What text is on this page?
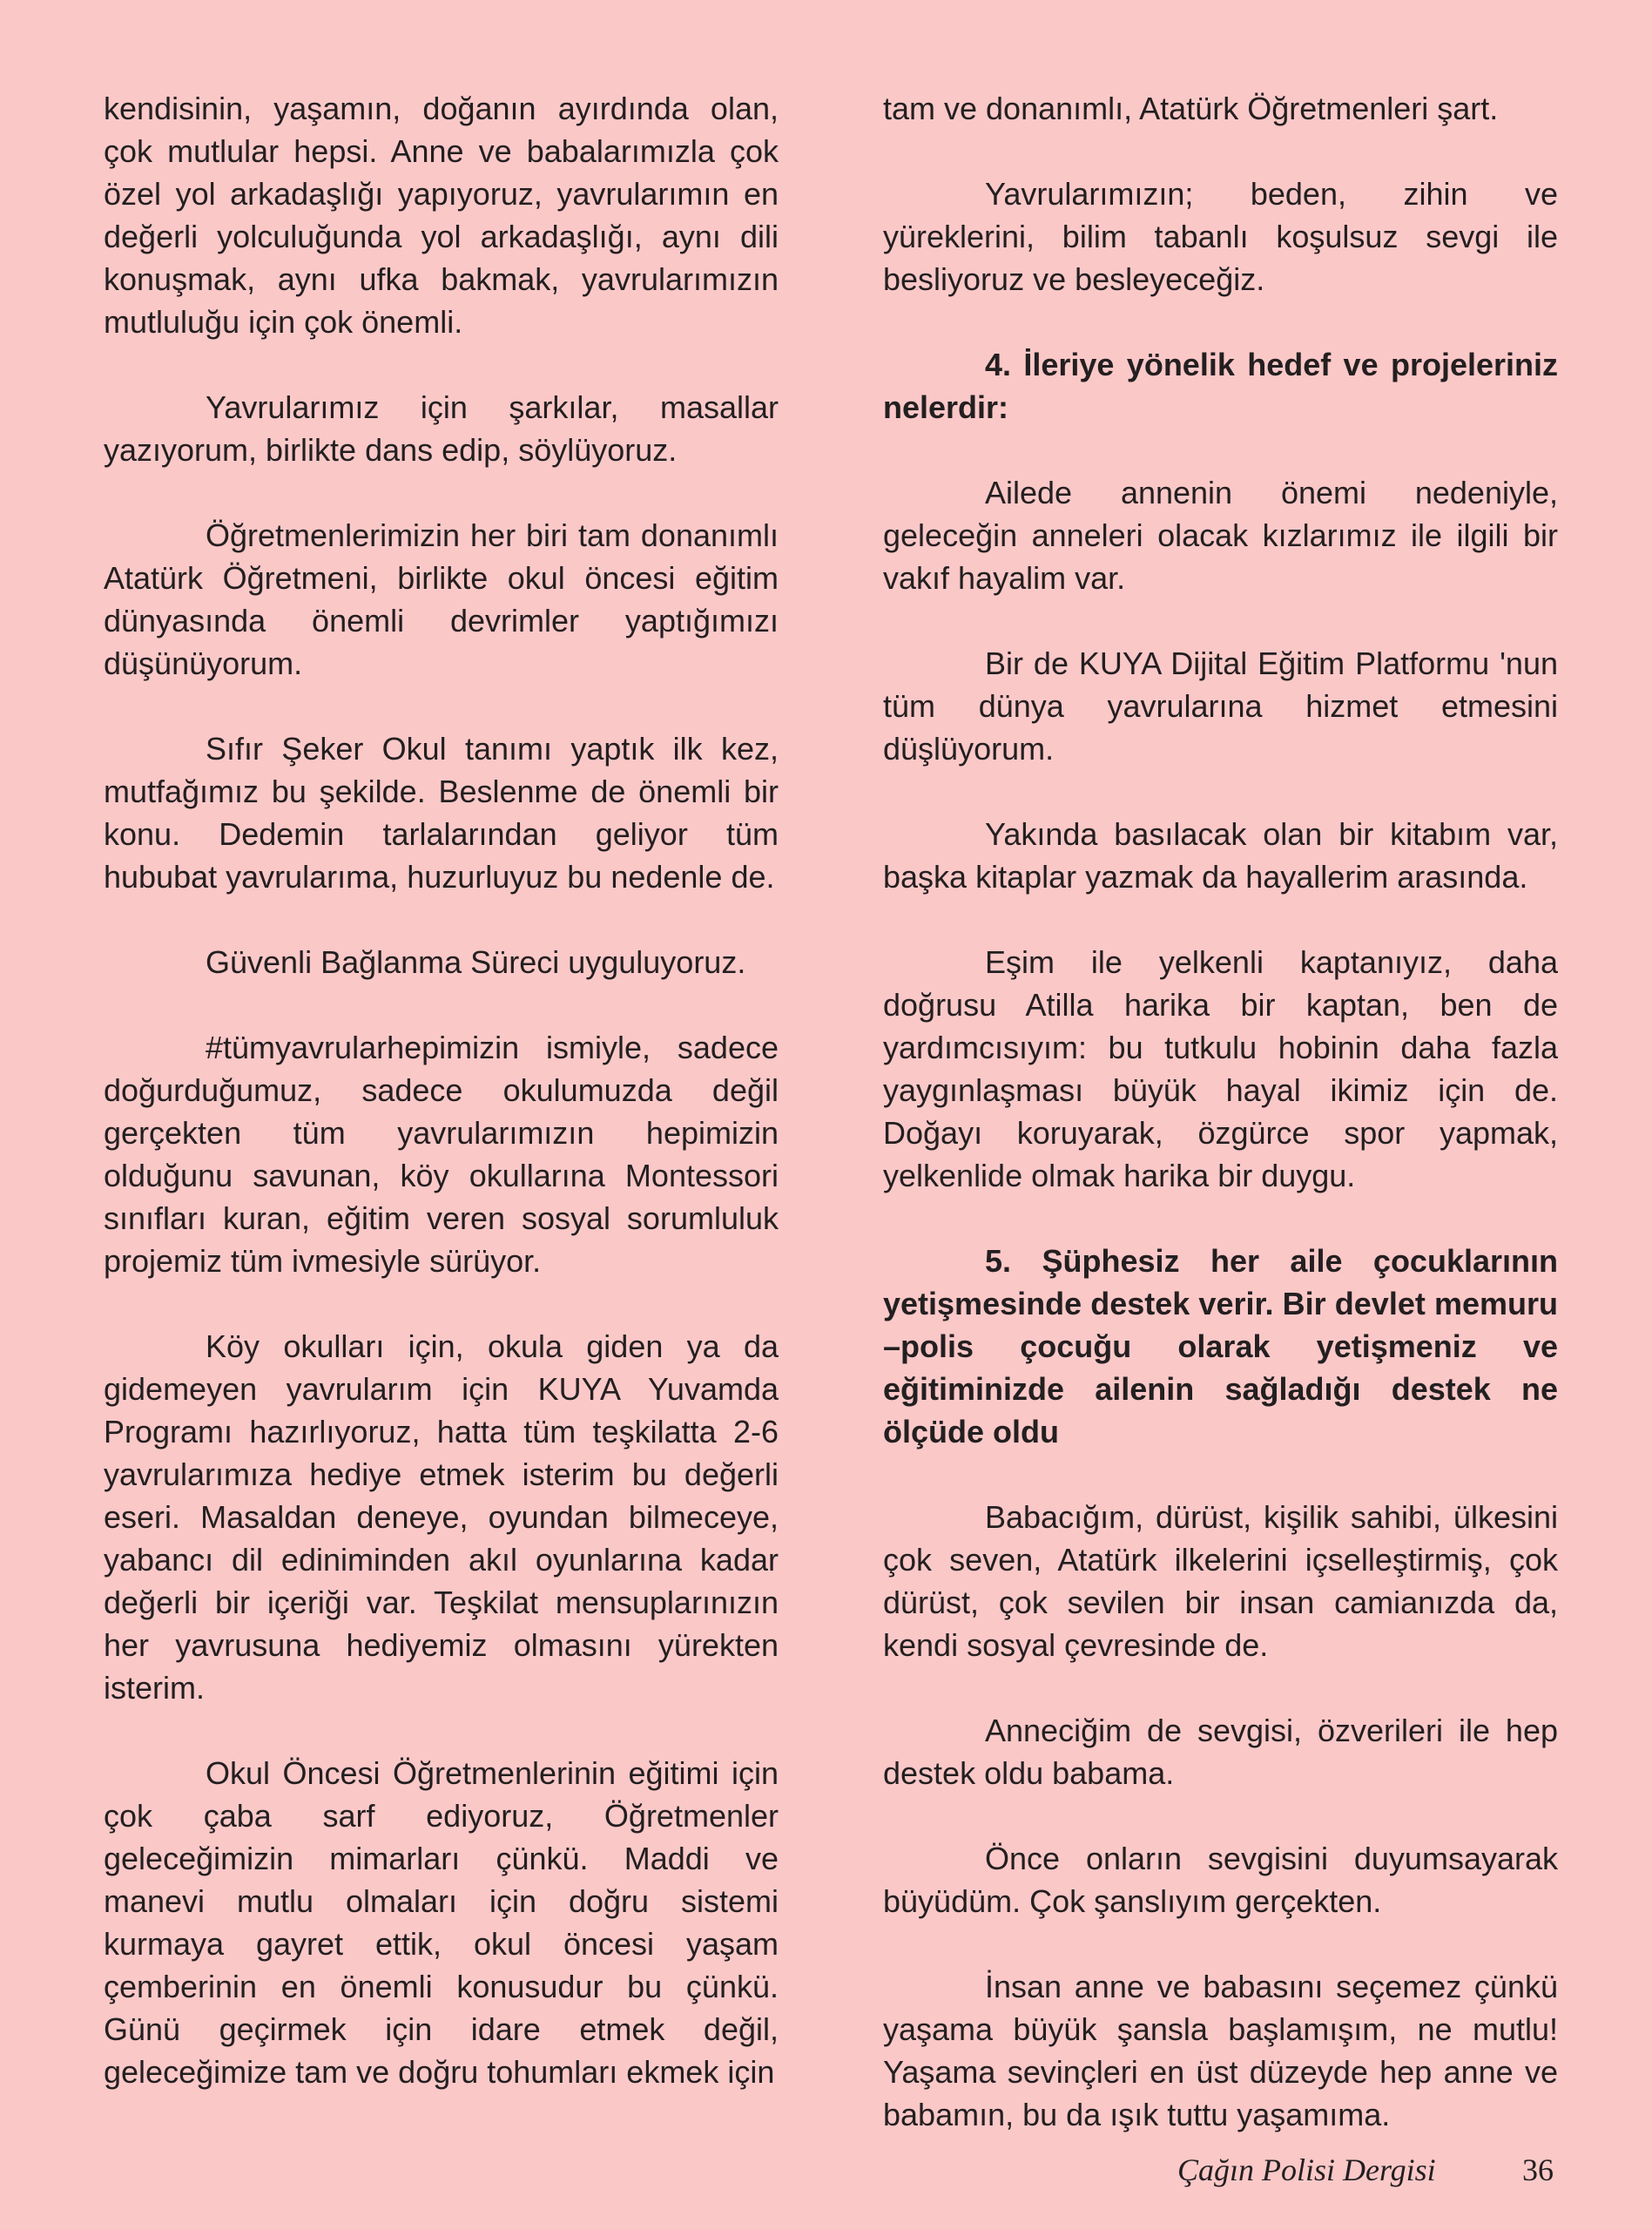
kendisinin, yaşamın, doğanın ayırdında olan, çok mutlular hepsi. Anne ve babalarımızla çok özel yol arkadaşlığı yapıyoruz, yavrularımın en değerli yolculuğunda yol arkadaşlığı, aynı dili konuşmak, aynı ufka bakmak, yavrularımızın mutluluğu için çok önemli.

Yavrularımız için şarkılar, masallar yazıyorum, birlikte dans edip, söylüyoruz.

Öğretmenlerimizin her biri tam donanımlı Atatürk Öğretmeni, birlikte okul öncesi eğitim dünyasında önemli devrimler yaptığımızı düşünüyorum.

Sıfır Şeker Okul tanımı yaptık ilk kez, mutfağımız bu şekilde. Beslenme de önemli bir konu. Dedemin tarlalarından geliyor tüm hububat yavrularıma, huzurluyuz bu nedenle de.

Güvenli Bağlanma Süreci uyguluyoruz.

#tümyavrularhepimizin ismiyle, sadece doğurduğumuz, sadece okulumuzda değil gerçekten tüm yavrularımızın hepimizin olduğunu savunan, köy okullarına Montessori sınıfları kuran, eğitim veren sosyal sorumluluk projemiz tüm ivmesiyle sürüyor.

Köy okulları için, okula giden ya da gidemeyen yavrularım için KUYA Yuvamda Programı hazırlıyoruz, hatta tüm teşkilatta 2-6 yavrularımıza hediye etmek isterim bu değerli eseri. Masaldan deneye, oyundan bilmeceye, yabancı dil ediniminden akıl oyunlarına kadar değerli bir içeriği var. Teşkilat mensuplarınızın her yavrusuna hediyemiz olmasını yürekten isterim.

Okul Öncesi Öğretmenlerinin eğitimi için çok çaba sarf ediyoruz, Öğretmenler geleceğimizin mimarları çünkü. Maddi ve manevi mutlu olmaları için doğru sistemi kurmaya gayret ettik, okul öncesi yaşam çemberinin en önemli konusudur bu çünkü. Günü geçirmek için idare etmek değil, geleceğimize tam ve doğru tohumları ekmek için

tam ve donanımlı, Atatürk Öğretmenleri şart.

Yavrularımızın; beden, zihin ve yüreklerini, bilim tabanlı koşulsuz sevgi ile besliyoruz ve besleyeceğiz.

4. İleriye yönelik hedef ve projeleriniz nelerdir:

Ailede annenin önemi nedeniyle, geleceğin anneleri olacak kızlarımız ile ilgili bir vakıf hayalim var.

Bir de KUYA Dijital Eğitim Platformu 'nun tüm dünya yavrularına hizmet etmesini düşlüyorum.

Yakında basılacak olan bir kitabım var, başka kitaplar yazmak da hayallerim arasında.

Eşim ile yelkenli kaptanıyız, daha doğrusu Atilla harika bir kaptan, ben de yardımcısıyım: bu tutkulu hobinin daha fazla yaygınlaşması büyük hayal ikimiz için de. Doğayı koruyarak, özgürce spor yapmak, yelkenlide olmak harika bir duygu.

5. Şüphesiz her aile çocuklarının yetişmesinde destek verir. Bir devlet memuru –polis çocuğu olarak yetişmeniz ve eğitiminizde ailenin sağladığı destek ne ölçüde oldu

Babacığım, dürüst, kişilik sahibi, ülkesini çok seven, Atatürk ilkelerini içselleştirmiş, çok dürüst, çok sevilen bir insan camianızda da, kendi sosyal çevresinde de.

Anneciğim de sevgisi, özverileri ile hep destek oldu babama.

Önce onların sevgisini duyumsayarak büyüdüm. Çok şanslıyım gerçekten.

İnsan anne ve babasını seçemez çünkü yaşama büyük şansla başlamışım, ne mutlu! Yaşama sevinçleri en üst düzeyde hep anne ve babamın, bu da ışık tuttu yaşamıma.

Çağın Polisi Dergisi	36
